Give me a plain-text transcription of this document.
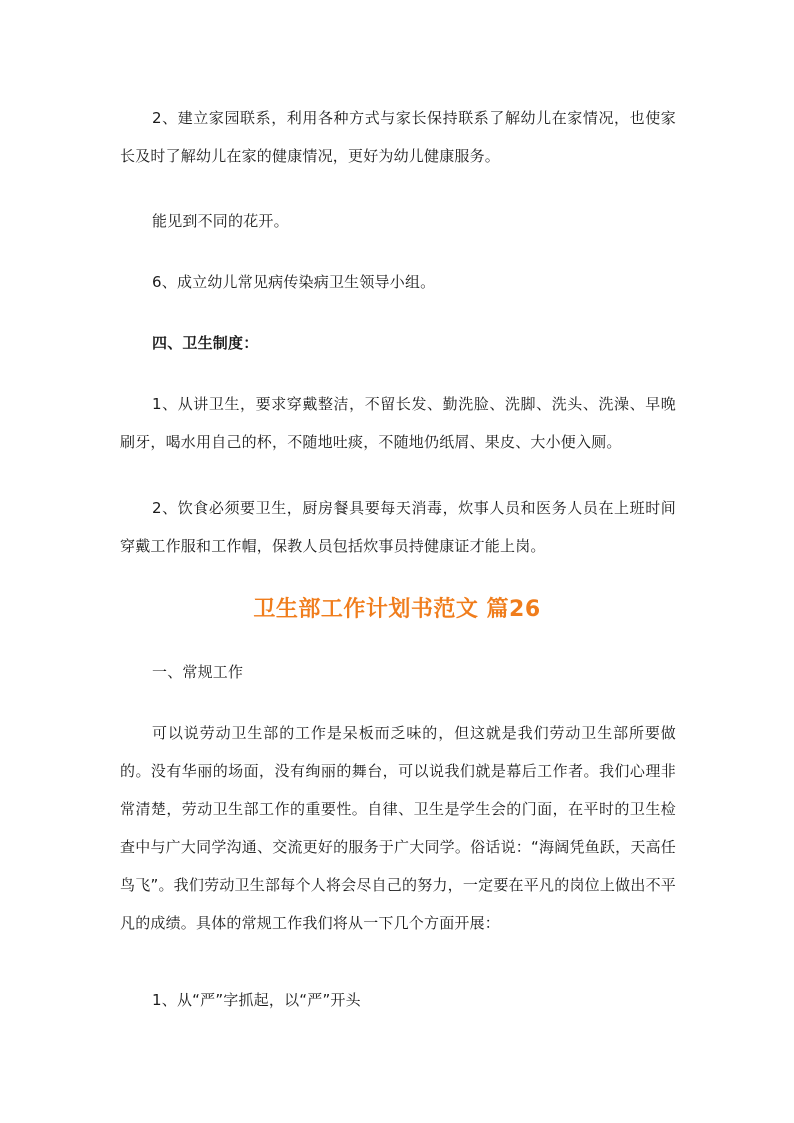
2、建立家园联系，利用各种方式与家长保持联系了解幼儿在家情况，也使家长及时了解幼儿在家的健康情况，更好为幼儿健康服务。

能见到不同的花开。

6、成立幼儿常见病传染病卫生领导小组。

四、卫生制度：

1、从讲卫生，要求穿戴整洁，不留长发、勤洗脸、洗脚、洗头、洗澡、早晚刷牙，喝水用自己的杯，不随地吐痰，不随地仍纸屑、果皮、大小便入厕。

2、饮食必须要卫生，厨房餐具要每天消毒，炊事人员和医务人员在上班时间穿戴工作服和工作帽，保教人员包括炊事员持健康证才能上岗。

卫生部工作计划书范文 篇26

一、常规工作

可以说劳动卫生部的工作是呆板而乏味的，但这就是我们劳动卫生部所要做的。没有华丽的场面，没有绚丽的舞台，可以说我们就是幕后工作者。我们心理非常清楚，劳动卫生部工作的重要性。自律、卫生是学生会的门面，在平时的卫生检查中与广大同学沟通、交流更好的服务于广大同学。俗话说：“海阔凭鱼跃，天高任鸟飞”。我们劳动卫生部每个人将会尽自己的努力，一定要在平凡的岗位上做出不平凡的成绩。具体的常规工作我们将从一下几个方面开展：

1、从“严”字抓起，以“严”开头
